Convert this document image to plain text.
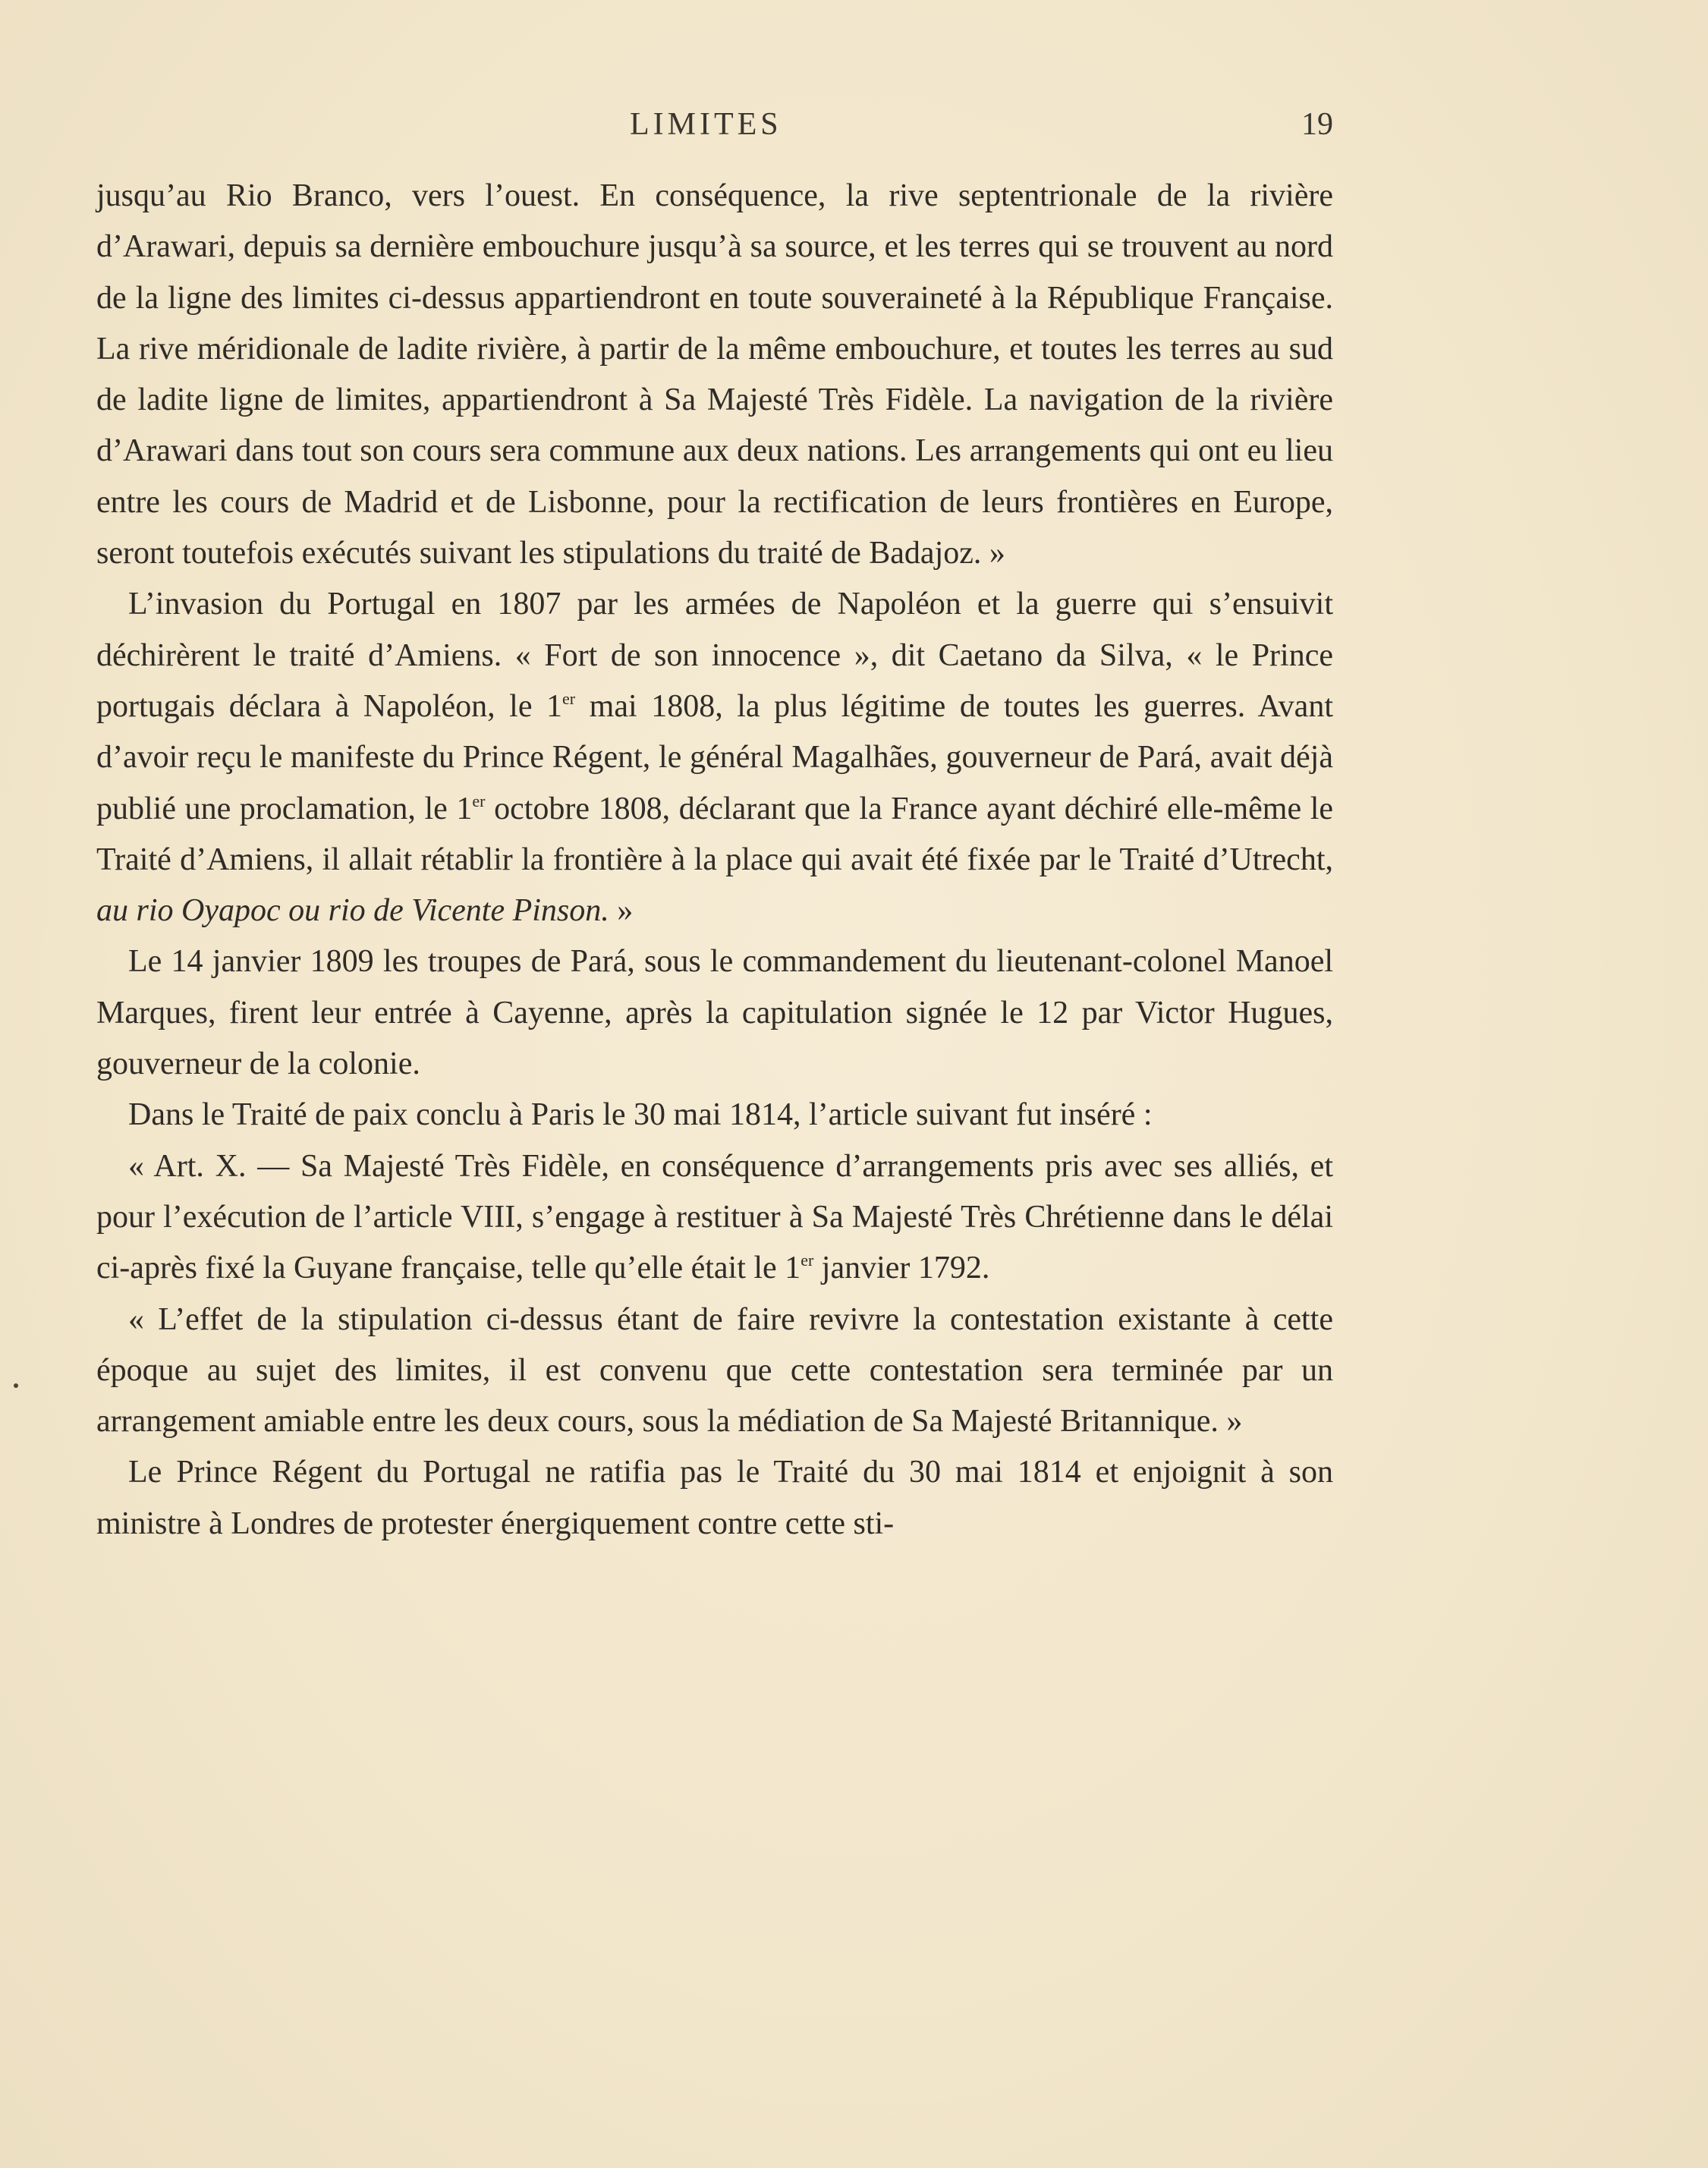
LIMITES	19

jusqu’au Rio Branco, vers l’ouest. En conséquence, la rive septentrionale de la rivière d’Arawari, depuis sa dernière embouchure jusqu’à sa source, et les terres qui se trouvent au nord de la ligne des limites ci-dessus appartiendront en toute souveraineté à la République Française. La rive méridionale de ladite rivière, à partir de la même embouchure, et toutes les terres au sud de ladite ligne de limites, appartiendront à Sa Majesté Très Fidèle. La navigation de la rivière d’Arawari dans tout son cours sera commune aux deux nations. Les arrangements qui ont eu lieu entre les cours de Madrid et de Lisbonne, pour la rectification de leurs frontières en Europe, seront toutefois exécutés suivant les stipulations du traité de Badajoz. »

L’invasion du Portugal en 1807 par les armées de Napoléon et la guerre qui s’ensuivit déchirèrent le traité d’Amiens. « Fort de son innocence », dit Caetano da Silva, « le Prince portugais déclara à Napoléon, le 1er mai 1808, la plus légitime de toutes les guerres. Avant d’avoir reçu le manifeste du Prince Régent, le général Magalhães, gouverneur de Pará, avait déjà publié une proclamation, le 1er octobre 1808, déclarant que la France ayant déchiré elle-même le Traité d’Amiens, il allait rétablir la frontière à la place qui avait été fixée par le Traité d’Utrecht, au rio Oyapoc ou rio de Vicente Pinson. »

Le 14 janvier 1809 les troupes de Pará, sous le commandement du lieutenant-colonel Manoel Marques, firent leur entrée à Cayenne, après la capitulation signée le 12 par Victor Hugues, gouverneur de la colonie.

Dans le Traité de paix conclu à Paris le 30 mai 1814, l’article suivant fut inséré :

« Art. X. — Sa Majesté Très Fidèle, en conséquence d’arrangements pris avec ses alliés, et pour l’exécution de l’article VIII, s’engage à restituer à Sa Majesté Très Chrétienne dans le délai ci-après fixé la Guyane française, telle qu’elle était le 1er janvier 1792.

« L’effet de la stipulation ci-dessus étant de faire revivre la contestation existante à cette époque au sujet des limites, il est convenu que cette contestation sera terminée par un arrangement amiable entre les deux cours, sous la médiation de Sa Majesté Britannique. »

Le Prince Régent du Portugal ne ratifia pas le Traité du 30 mai 1814 et enjoignit à son ministre à Londres de protester énergiquement contre cette sti-
